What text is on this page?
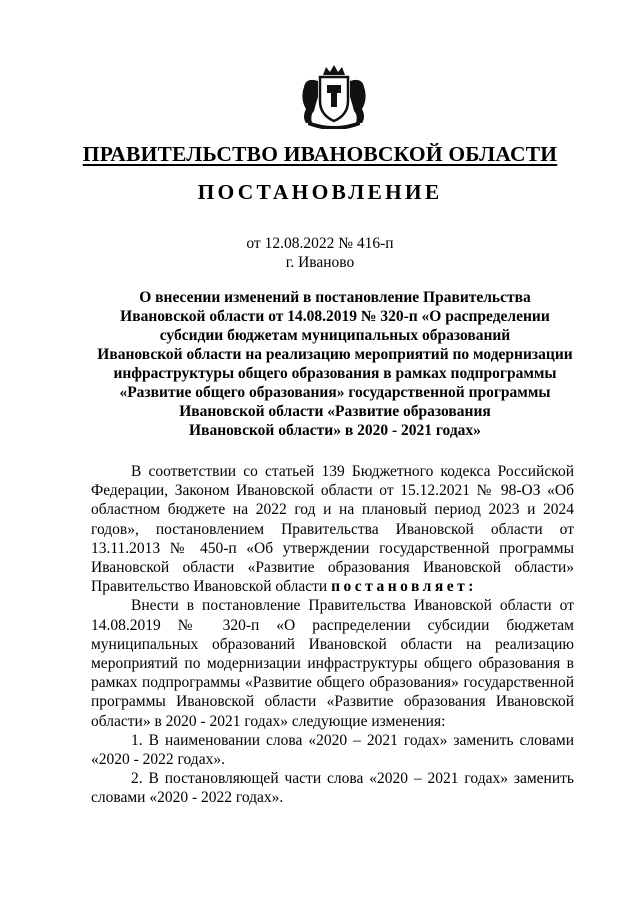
ПРАВИТЕЛЬСТВО ИВАНОВСКОЙ ОБЛАСТИ
ПОСТАНОВЛЕНИЕ
от 12.08.2022 № 416-п
г. Иваново
О внесении изменений в постановление Правительства
Ивановской области от 14.08.2019 № 320-п «О распределении
субсидии бюджетам муниципальных образований
Ивановской области на реализацию мероприятий по модернизации
инфраструктуры общего образования в рамках подпрограммы
«Развитие общего образования» государственной программы
Ивановской области «Развитие образования
Ивановской области» в 2020 - 2021 годах»

В соответствии со статьей 139 Бюджетного кодекса Российской Федерации, Законом Ивановской области от 15.12.2021 № 98-ОЗ «Об областном бюджете на 2022 год и на плановый период 2023 и 2024 годов», постановлением Правительства Ивановской области от 13.11.2013 № 450-п «Об утверждении государственной программы Ивановской области «Развитие образования Ивановской области» Правительство Ивановской области постановляет:

Внести в постановление Правительства Ивановской области от 14.08.2019 № 320-п «О распределении субсидии бюджетам муниципальных образований Ивановской области на реализацию мероприятий по модернизации инфраструктуры общего образования в рамках подпрограммы «Развитие общего образования» государственной программы Ивановской области «Развитие образования Ивановской области» в 2020 - 2021 годах» следующие изменения:

1. В наименовании слова «2020 – 2021 годах» заменить словами «2020 - 2022 годах».

2. В постановляющей части слова «2020 – 2021 годах» заменить словами «2020 - 2022 годах».
